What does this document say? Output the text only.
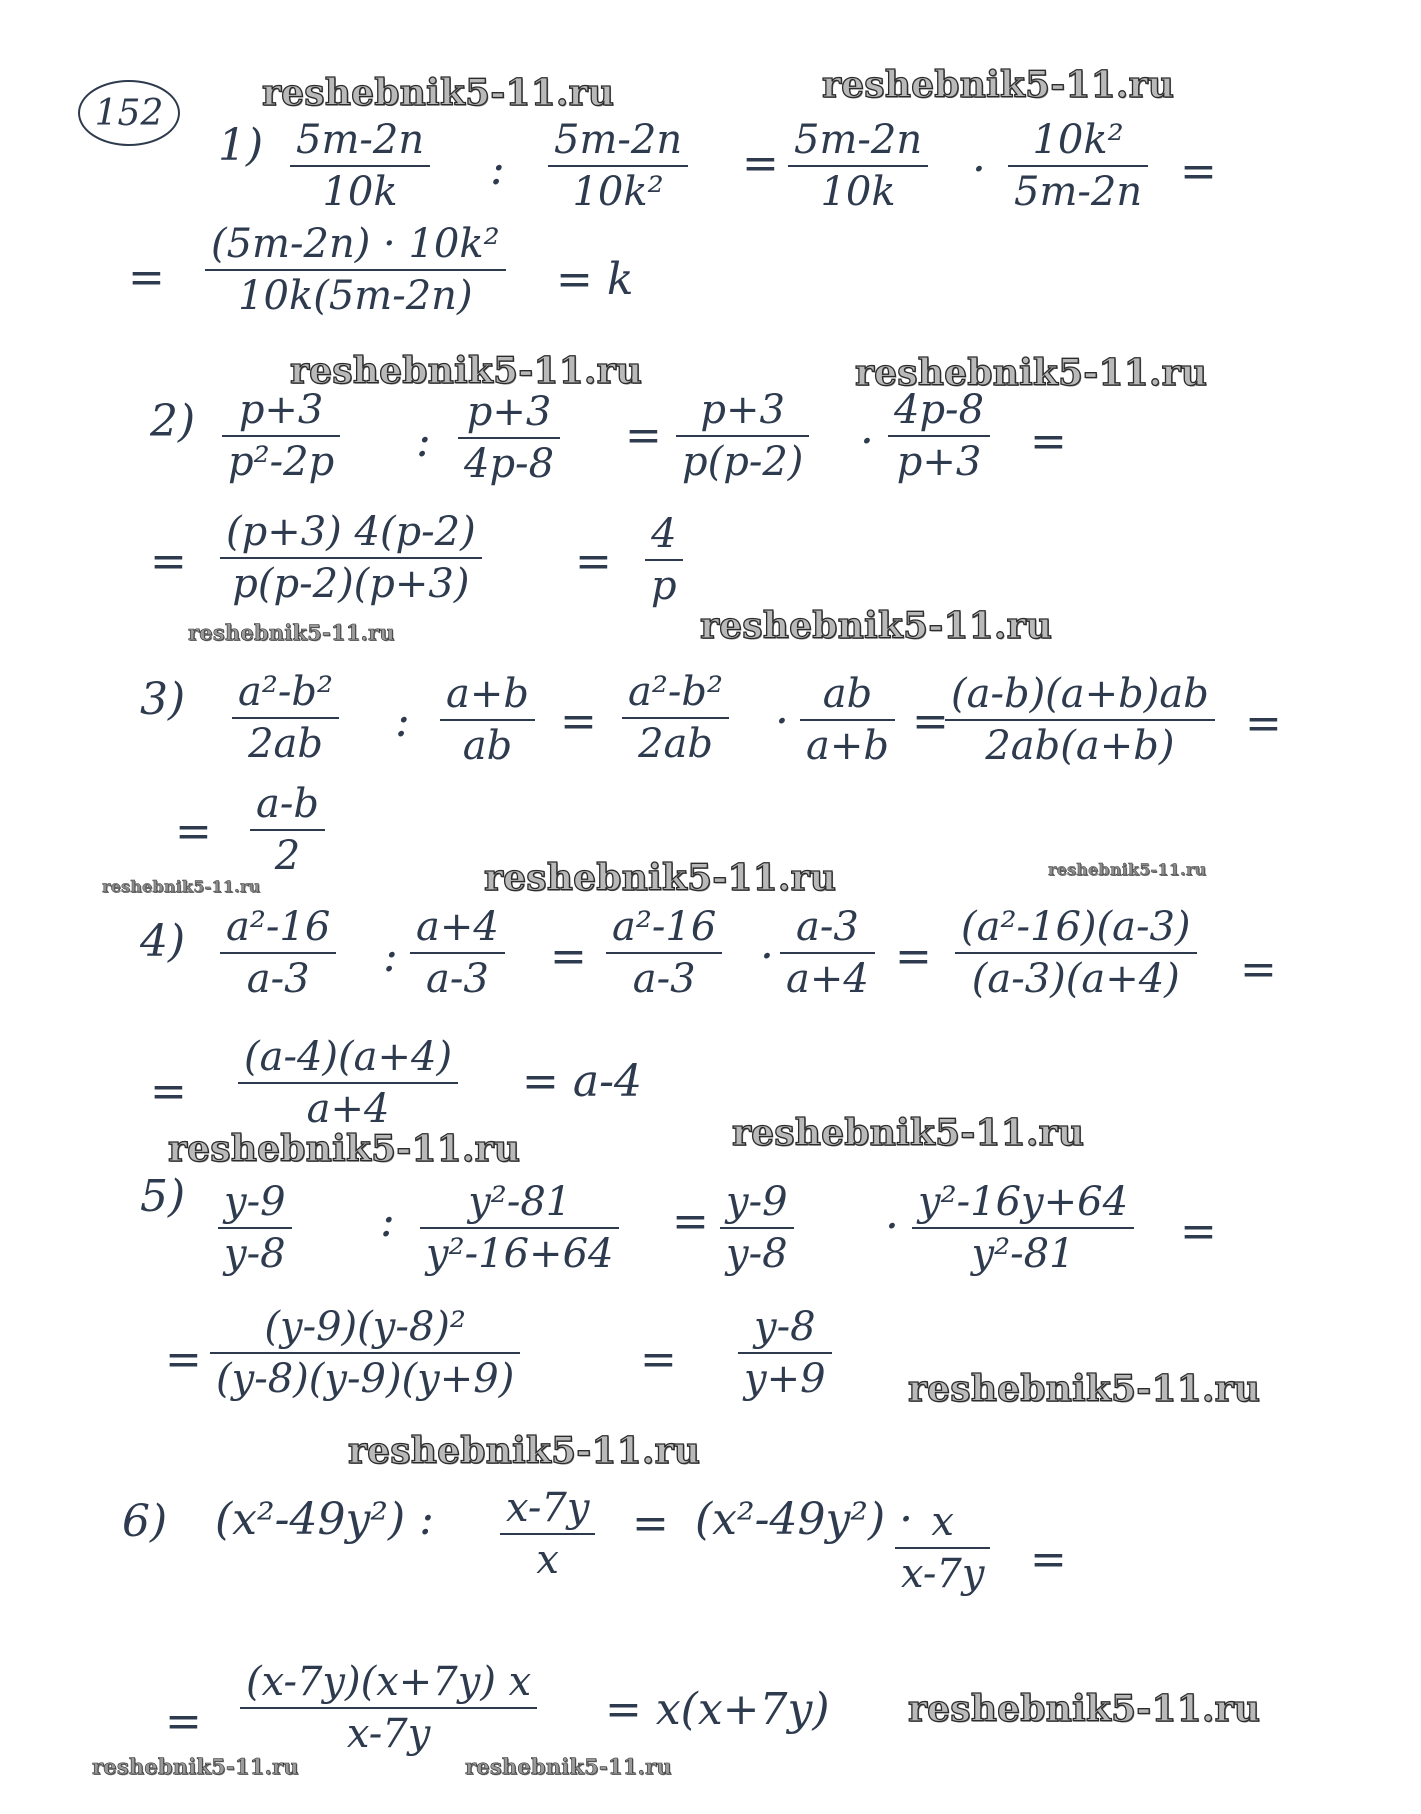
152	reshebnik5-11.ru	reshebnik5-11.ru
reshebnik5-11.ru	reshebnik5-11.ru
reshebnik5-11.ru	reshebnik5-11.ru
reshebnik5-11.ru	reshebnik5-11.ru	reshebnik5-11.ru
reshebnik5-11.ru	reshebnik5-11.ru
reshebnik5-11.ru
reshebnik5-11.ru
reshebnik5-11.ru
reshebnik5-11.ru	reshebnik5-11.ru
1) 5m-2n
10k :
5m-2n
10k²
= 5m-2n
10k ·
10k²
5m-2n =
=
(5m-2n) · 10k²
10k(5m-2n) = k
2) p+3
p²-2p :
p+3
4p-8
= p+3
p(p-2) ·
4p-8
p+3 =
=
(p+3) 4(p-2)
p(p-2)(p+3) =
4
p
3) a²-b²
2ab :
a+b
ab =
a²-b²
2ab ·
ab
a+b =
(a-b)(a+b)ab
2ab(a+b) =
=
a-b
2
4) a²-16
a-3 :
a+4
a-3 =
a²-16
a-3 ·
a-3
a+4 =
(a²-16)(a-3)
(a-3)(a+4) =
=
(a-4)(a+4)
a+4
= a-4
5) y-9
y-8
: y²-81
y²-16+64
= y-9
y-8
· y²-16y+64
y²-81 =
=
(y-9)(y-8)²
(y-8)(y-9)(y+9)	=
y-8
y+9
6) (x²-49y²) : x-7y
x
= (x²-49y²) · x
x-7y =
=
(x-7y)(x+7y) x
x-7y	= x(x+7y)
